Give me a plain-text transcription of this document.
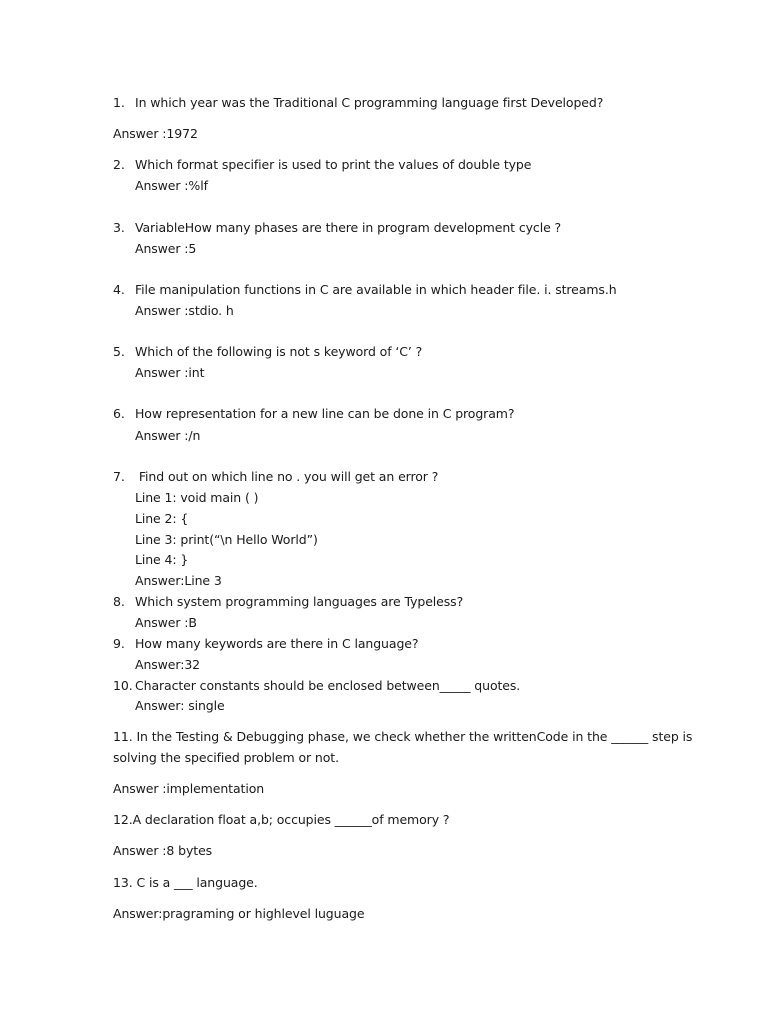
1. In which year was the Traditional C programming language first Developed?
Answer :1972
2. Which format specifier is used to print the values of double type
Answer :%lf
3. VariableHow many phases are there in program development cycle ?
Answer :5
4. File manipulation functions in C are available in which header file. i. streams.h
Answer :stdio. h
5. Which of the following is not s keyword of ‘C’ ?
Answer :int
6. How representation for a new line can be done in C program?
Answer :/n
7. Find out on which line no . you will get an error ?
Line 1: void main ( )
Line 2: {
Line 3: print(“\n Hello World”)
Line 4: }
Answer:Line 3
8. Which system programming languages are Typeless?
Answer :B
9. How many keywords are there in C language?
Answer:32
10. Character constants should be enclosed between_____ quotes.
Answer: single
11. In the Testing & Debugging phase, we check whether the writtenCode in the ______ step is
solving the specified problem or not.
Answer :implementation
12.A declaration float a,b; occupies ______of memory ?
Answer :8 bytes
13. C is a ___ language.
Answer:pragraming or highlevel luguage
